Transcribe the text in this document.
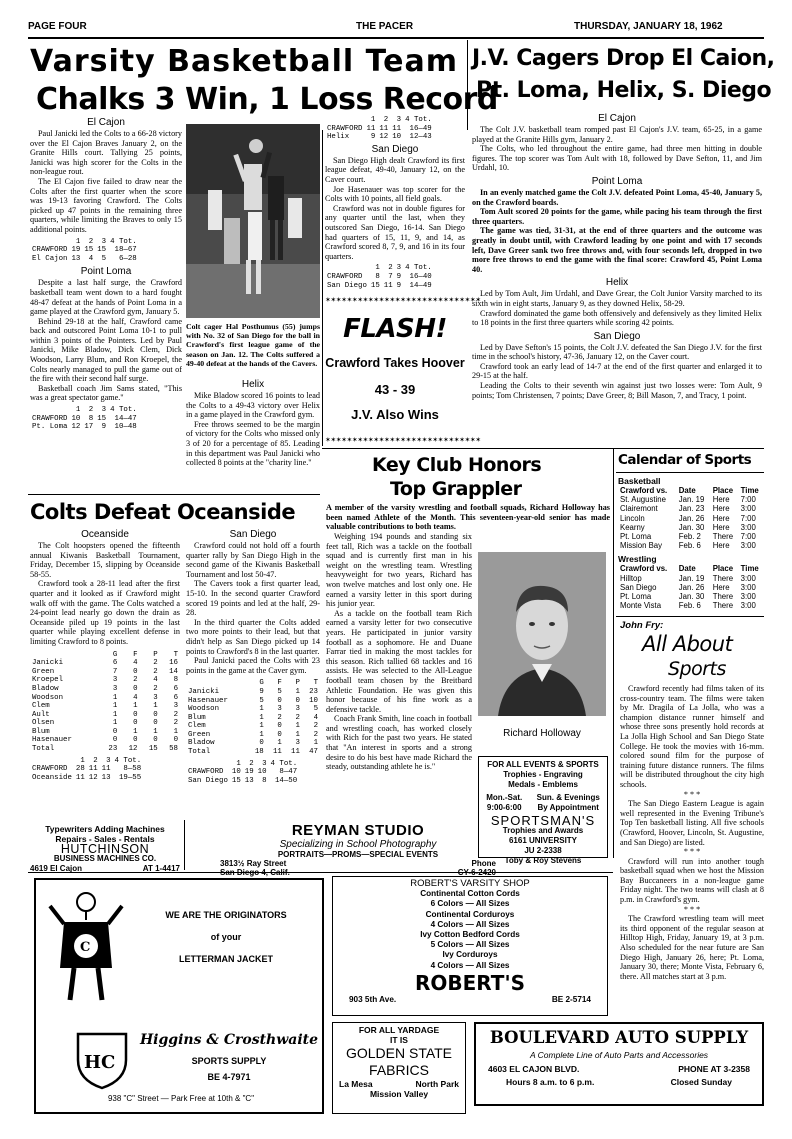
PAGE FOUR	THE PACER	THURSDAY, JANUARY 18, 1962
Varsity Basketball Team
Chalks 3 Win, 1 Loss Record
J.V. Cagers Drop El Caion,
Pt. Loma, Helix, S. Diego
El Cajon

Paul Janicki led the Colts to a 66-28 victory over the El Cajon Braves January 2, on the Granite Hills court. Tallying 25 points, Janicki was high scorer for the Colts in the non-league rout.

The El Cajon five failed to draw near the Colts after the first quarter when the score was 19-13 favoring Crawford. The Colts picked up 47 points in the remaining three quarters, while limiting the Braves to only 15 additional points.

	1	2	3	4 Tot.
CRAWFORD	19	15	15	18—67
El Cajon	13	4	5	6—28
Point Loma

Despite a last half surge, the Crawford basketball team went down to a hard fought 48-47 defeat at the hands of Point Loma in a game played at the Crawford gym, January 5.

Behind 29-18 at the half, Crawford came back and outscored Point Loma 10-1 to pull within 3 points of the Pointers. Led by Paul Janicki, Mike Bladow, Dick Clem, Dick Woodson, Larry Blum, and Ron Kroepel, the Colts nearly managed to pull the game out of the fire with their second half surge.

Basketball coach Jim Sams stated, "This was a great spectator game."

	1	2	3	4 Tot.
CRAWFORD	10	8	15	14—47
Pt. Loma	12	17	9	10—48
Colt cager Hal Posthumus (55) jumps with No. 32 of San Diego for the ball in Crawford's first league game of the season on Jan. 12. The Colts suffered a 49-40 defeat at the hands of the Cavers.
Helix

Mike Bladow scored 16 points to lead the Colts to a 49-43 victory over Helix in a game played in the Crawford gym.

Free throws seemed to be the margin of victory for the Colts who missed only 3 of 20 for a percentage of 85. Leading in this department was Paul Janicki who collected 8 points at the "charity line."

	1	2	3	4 Tot.
CRAWFORD	11	11	11	16—49
Helix	9	12	10	12—43
San Diego

San Diego High dealt Crawford its first league defeat, 49-40, January 12, on the Caver court.

Joe Hasenauer was top scorer for the Colts with 10 points, all field goals.

Crawford was not in double figures for any quarter until the last, when they outscored San Diego, 16-14. San Diego had quarters of 15, 11, 9, and 14, as Crawford scored 8, 7, 9, and 16 in its four quarters.

	1	2	3	4 Tot.
CRAWFORD	8	7	9	16—40
San Diego	15	11	9	14—49
✶✶✶✶✶✶✶✶✶✶✶✶✶✶✶✶✶✶✶✶✶✶✶✶✶✶✶✶✶
FLASH!
Crawford Takes Hoover
43 - 39
J.V. Also Wins
✶✶✶✶✶✶✶✶✶✶✶✶✶✶✶✶✶✶✶✶✶✶✶✶✶✶✶✶✶
El Cajon

The Colt J.V. basketball team romped past El Cajon's J.V. team, 65-25, in a game played at the Granite Hills gym, January 2.

The Colts, who led throughout the entire game, had three men hitting in double figures. The top scorer was Tom Ault with 18, followed by Dave Sefton, 11, and Jim Urdahl, 10.

Point Loma

In an evenly matched game the Colt J.V. defeated Point Loma, 45-40, January 5, on the Crawford boards.

Tom Ault scored 20 points for the game, while pacing his team through the first three quarters.

The game was tied, 31-31, at the end of three quarters and the outcome was greatly in doubt until, with Crawford leading by one point and with 17 seconds left, Dave Greer sank two free throws and, with four seconds left, dropped in two more free throws to end the game with the final score: Crawford 45, Point Loma 40.

Helix

Led by Tom Ault, Jim Urdahl, and Dave Grear, the Colt Junior Varsity marched to its sixth win in eight starts, January 9, as they downed Helix, 58-29.

Crawford dominated the game both offensively and defensively as they limited Helix to 18 points in the first three quarters while scoring 42 points.

San Diego

Led by Dave Sefton's 15 points, the Colt J.V. defeated the San Diego J.V. for the first time in the school's history, 47-36, January 12, on the Caver court.

Crawford took an early lead of 14-7 at the end of the first quarter and enlarged it to 29-15 at the half.

Leading the Colts to their seventh win against just two losses were: Tom Ault, 9 points; Tom Christensen, 7 points; Dave Greer, 8; Bill Mason, 7, and Tracy, 1 point.

Colts Defeat Oceanside
Oceanside

The Colt hoopsters opened the fifteenth annual Kiwanis Basketball Tournament, Friday, December 15, slipping by Oceanside 58-55.

Crawford took a 28-11 lead after the first quarter and it looked as if Crawford might walk off with the game. The Colts watched a 24-point lead nearly go down the drain as Oceanside piled up 19 points in the last quarter while playing excellent defense in limiting Crawford to 8 points.

	G	F	P	T
Janicki	6	4	2	16
Green	7	0	2	14
Kroepel	3	2	4	8
Bladow	3	0	2	6
Woodson	1	4	3	6
Clem	1	1	1	3
Ault	1	0	0	2
Olsen	1	0	0	2
Blum	0	1	1	1
Hasenauer	0	0	0	0

Total	23	12	15	58
	1	2	3	4 Tot.
CRAWFORD	28	11	11	8—58
Oceanside	11	12	13	19—55
San Diego

Crawford could not hold off a fourth quarter rally by San Diego High in the second game of the Kiwanis Basketball Tournament and lost 50-47.

The Cavers took a first quarter lead, 15-10. In the second quarter Crawford scored 19 points and led at the half, 29-28.

In the third quarter the Colts added two more points to their lead, but that didn't help as San Diego picked up 14 points to Crawford's 8 in the last quarter.

Paul Janicki paced the Colts with 23 points in the game at the Caver gym.

	G	F	P	T
Janicki	9	5	1	23
Hasenauer	5	0	0	10
Woodson	1	3	3	5
Blum	1	2	2	4
Clem	1	0	1	2
Green	1	0	1	2
Bladow	0	1	3	1

Total	18	11	11	47
	1	2	3	4 Tot.
CRAWFORD	10	19	10	8—47
San Diego	15	13	8	14—50
Key Club Honors
Top Grappler
A member of the varsity wrestling and football squads, Richard Holloway has been named Athlete of the Month. This seventeen-year-old senior has made valuable contributions to both teams.

Weighing 194 pounds and standing six feet tall, Rich was a tackle on the football squad and is currently first man in his weight on the wrestling team. Wrestling heavyweight for two years, Richard has won twelve matches and lost only one. He earned a varsity letter in this sport during his junior year.

As a tackle on the football team Rich earned a varsity letter for two consecutive years. He participated in junior varsity football as a sophomore. He and Duane Farrar tied in making the most tackles for this season. Rich tallied 68 tackles and 16 assists. He was selected to the All-League football team chosen by the Breitbard Athletic Foundation. He was given this honor because of his fine work as a defensive tackle.

Coach Frank Smith, line coach in football and wrestling coach, has worked closely with Rich for the past two years. He stated that "An interest in sports and a strong desire to do his best have made Richard the steady, outstanding athlete he is."

Richard Holloway
FOR ALL EVENTS & SPORTS
Trophies - Engraving
Medals - Emblems
Mon.-Sat.
9:00-6:00
Sun. & Evenings
By Appointment
SPORTSMAN'S
Trophies and Awards
6161 UNIVERSITY
JU 2-2338
Toby & Roy Stevens
Calendar of Sports
Basketball
Crawford vs.	Date	Place	Time
St. Augustine	Jan. 19	Here	7:00
Clairemont	Jan. 23	Here	3:00
Lincoln	Jan. 26	Here	7:00
Kearny	Jan. 30	Here	3:00
Pt. Loma	Feb. 2	There	7:00
Mission Bay	Feb. 6	Here	3:00
Wrestling
Crawford vs.	Date	Place	Time
Hilltop	Jan. 19	There	3:00
San Diego	Jan. 26	Here	3:00
Pt. Loma	Jan. 30	There	3:00
Monte Vista	Feb. 6	There	3:00
John Fry:
All About
Sports

Crawford recently had films taken of its cross-country team. The films were taken by Mr. Dragila of La Jolla, who was a champion distance runner himself and whose three sons presently hold records at La Jolla High School and San Diego State College. He took the movies with 16-mm. colored sound film for the purpose of training future distance runners. The films will be distributed throughout the city high schools.

* * *

The San Diego Eastern League is again well represented in the Evening Tribune's Top Ten basketball listing. All five schools (Crawford, Hoover, Lincoln, St. Augustine, and San Diego) are listed.

* * *

Crawford will run into another tough basketball squad when we host the Mission Bay Buccaneers in a non-league game Friday night. The two teams will clash at 8 p.m. in Crawford's gym.

* * *

The Crawford wrestling team will meet its third opponent of the regular season at Hilltop High, Friday, January 19, at 3 p.m. Also scheduled for the near future are San Diego High, January 26, here; Pt. Loma, January 30, there; Monte Vista, February 6, there. All matches start at 3 p.m.

Typewriters Adding Machines
Repairs - Sales - Rentals
HUTCHINSON
BUSINESS MACHINES CO.
4619 El Cajon	AT 1-4417
REYMAN STUDIO
Specializing in School Photography
PORTRAITS—PROMS—SPECIAL EVENTS
3813½ Ray Street	Phone
San Diego 4, Calif.	CY-6-2420
C
WE ARE THE ORIGINATORS
of your
LETTERMAN JACKET
HC
Higgins & Crosthwaite
SPORTS SUPPLY
BE 4-7971
938 "C" Street — Park Free at 10th & "C"
ROBERT'S VARSITY SHOP
Continental Cotton Cords
6 Colors — All Sizes
Continental Corduroys
4 Colors — All Sizes
Ivy Cotton Bedford Cords
5 Colors — All Sizes
Ivy Corduroys
4 Colors — All Sizes
ROBERT'S
903 5th Ave.	BE 2-5714
FOR ALL YARDAGE
IT IS
GOLDEN STATE
FABRICS
La Mesa	North Park
Mission Valley
BOULEVARD AUTO SUPPLY
A Complete Line of Auto Parts and Accessories
4603 EL CAJON BLVD.	PHONE AT 3-2358
Hours 8 a.m. to 6 p.m.	Closed Sunday
